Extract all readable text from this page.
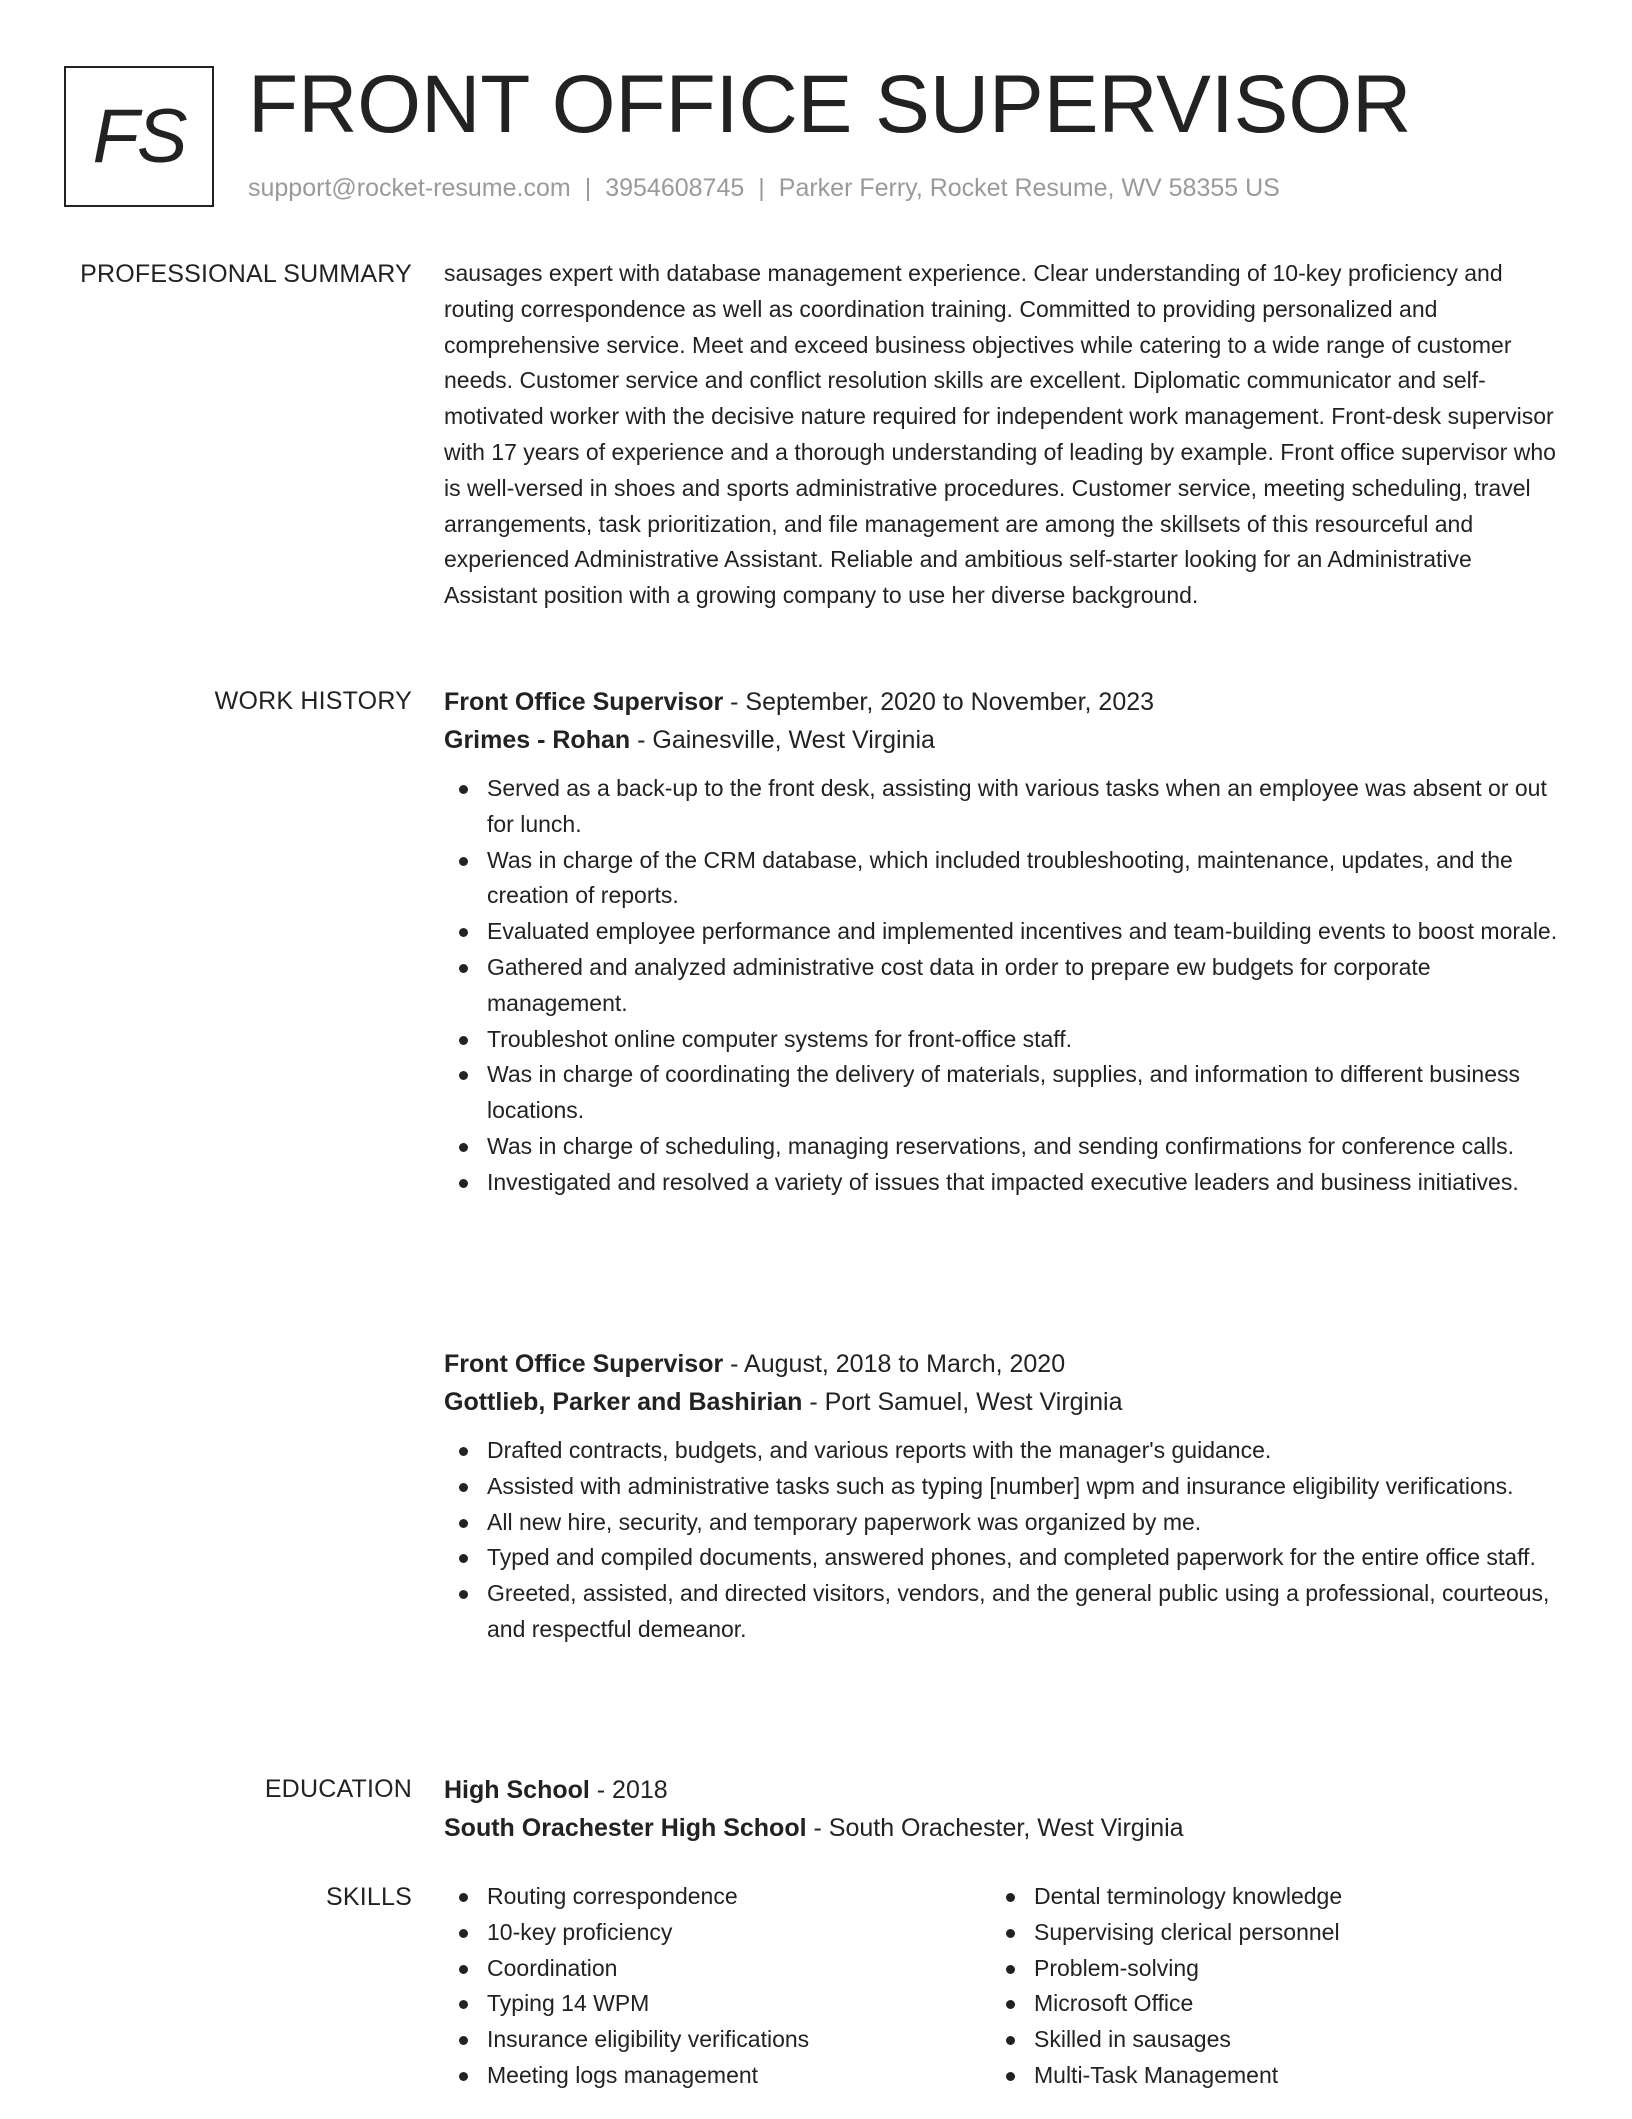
FS FRONT OFFICE SUPERVISOR
support@rocket-resume.com | 3954608745 | Parker Ferry, Rocket Resume, WV 58355 US
PROFESSIONAL SUMMARY sausages expert with database management experience. Clear understanding of 10-key proficiency and routing correspondence as well as coordination training. Committed to providing personalized and comprehensive service. Meet and exceed business objectives while catering to a wide range of customer needs. Customer service and conflict resolution skills are excellent. Diplomatic communicator and self-motivated worker with the decisive nature required for independent work management. Front-desk supervisor with 17 years of experience and a thorough understanding of leading by example. Front office supervisor who is well-versed in shoes and sports administrative procedures. Customer service, meeting scheduling, travel arrangements, task prioritization, and file management are among the skillsets of this resourceful and experienced Administrative Assistant. Reliable and ambitious self-starter looking for an Administrative Assistant position with a growing company to use her diverse background.

WORK HISTORY Front Office Supervisor - September, 2020 to November, 2023
Grimes - Rohan - Gainesville, West Virginia
Served as a back-up to the front desk, assisting with various tasks when an employee was absent or out for lunch.
Was in charge of the CRM database, which included troubleshooting, maintenance, updates, and the creation of reports.
Evaluated employee performance and implemented incentives and team-building events to boost morale.
Gathered and analyzed administrative cost data in order to prepare ew budgets for corporate management.
Troubleshot online computer systems for front-office staff.
Was in charge of coordinating the delivery of materials, supplies, and information to different business locations.
Was in charge of scheduling, managing reservations, and sending confirmations for conference calls.
Investigated and resolved a variety of issues that impacted executive leaders and business initiatives.
Front Office Supervisor - August, 2018 to March, 2020
Gottlieb, Parker and Bashirian - Port Samuel, West Virginia
Drafted contracts, budgets, and various reports with the manager's guidance.
Assisted with administrative tasks such as typing [number] wpm and insurance eligibility verifications.
All new hire, security, and temporary paperwork was organized by me.
Typed and compiled documents, answered phones, and completed paperwork for the entire office staff.
Greeted, assisted, and directed visitors, vendors, and the general public using a professional, courteous, and respectful demeanor.
EDUCATION High School - 2018
South Orachester High School - South Orachester, West Virginia
SKILLS	Routing correspondence
10-key proficiency
Coordination
Typing 14 WPM
Insurance eligibility verifications
Meeting logs management
Dental terminology knowledge
Supervising clerical personnel
Problem-solving
Microsoft Office
Skilled in sausages
Multi-Task Management
